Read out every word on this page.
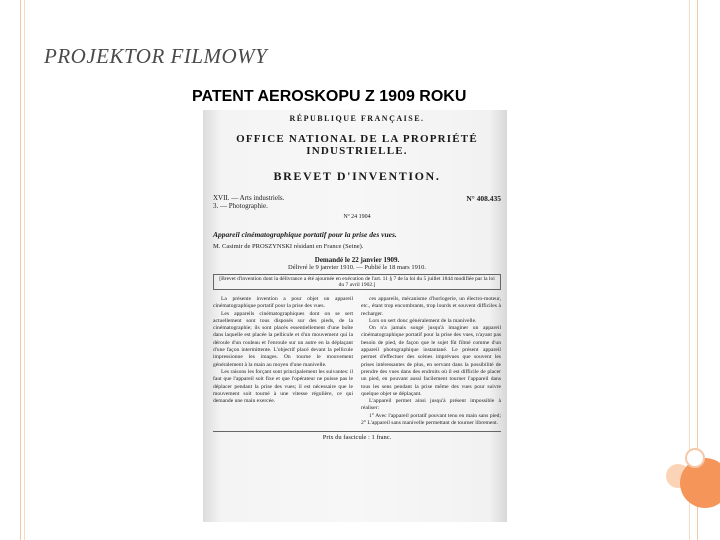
PROJEKTOR FILMOWY
PATENT AEROSKOPU Z 1909 ROKU
RÉPUBLIQUE FRANÇAISE.
OFFICE NATIONAL DE LA PROPRIÉTÉ INDUSTRIELLE.
BREVET D'INVENTION.
XVII. — Arts industriels.
3. — Photographie.
N° 408.435
Nº 24 1904
Appareil cinématographique portatif pour la prise des vues.
M. Casimir de PROSZYNSKI résidant en France (Seine).
Demandé le 22 janvier 1909.
Délivré le 9 janvier 1910. — Publié le 18 mars 1910.
[Brevet d'invention dont la délivrance a été ajournée en exécution de l'art. 11 § 7 de la loi du 5 juillet 1844 modifiée par la loi du 7 avril 1902.]

La présente invention a pour objet un appareil cinématographique portatif pour la prise des vues.

Les appareils cinématographiques dont on se sert actuellement sont tous disposés sur des pieds, de la cinématographie; ils sont placés essentiellement d'une boîte dans laquelle est placée la pellicule et d'un mouvement qui la déroule d'un rouleau et l'enroule sur un autre en la déplaçant d'une façon intermittente. L'objectif placé devant la pellicule impressionne les images. On tourne le mouvement généralement à la main au moyen d'une manivelle.

Les raisons les forçant sont principalement les suivantes: il faut que l'appareil soit fixe et que l'opérateur ne puisse pas le déplacer pendant la prise des vues; il est nécessaire que le mouvement soit tourné à une vitesse régulière, ce qui demande une main exercée.

ces appareils, mécanisme d'horlogerie, un électro-moteur, etc., étant trop encombrants, trop lourds et souvent difficiles à recharger.

Lors on sert donc généralement de la manivelle.

On n'a jamais songé jusqu'à imaginer un appareil cinématographique portatif pour la prise des vues, n'ayant pas besoin de pied, de façon que le sujet fût filmé comme d'un appareil photographique instantané. Le présent appareil permet d'effectuer des scènes imprévues que souvent les prises intéressantes de plus, en servant dans la possibilité de prendre des vues dans des endroits où il est difficile de placer un pied, en pouvant aussi facilement tourner l'appareil dans tous les sens pendant la prise même des vues pour suivre quelque objet se déplaçant.

L'appareil permet ainsi jusqu'à présent impossible à réaliser:

1° Avec l'appareil portatif pouvant tenu en main sans pied; 2° L'appareil sans manivelle permettant de tourner librement.

Prix du fascicule : 1 franc.
